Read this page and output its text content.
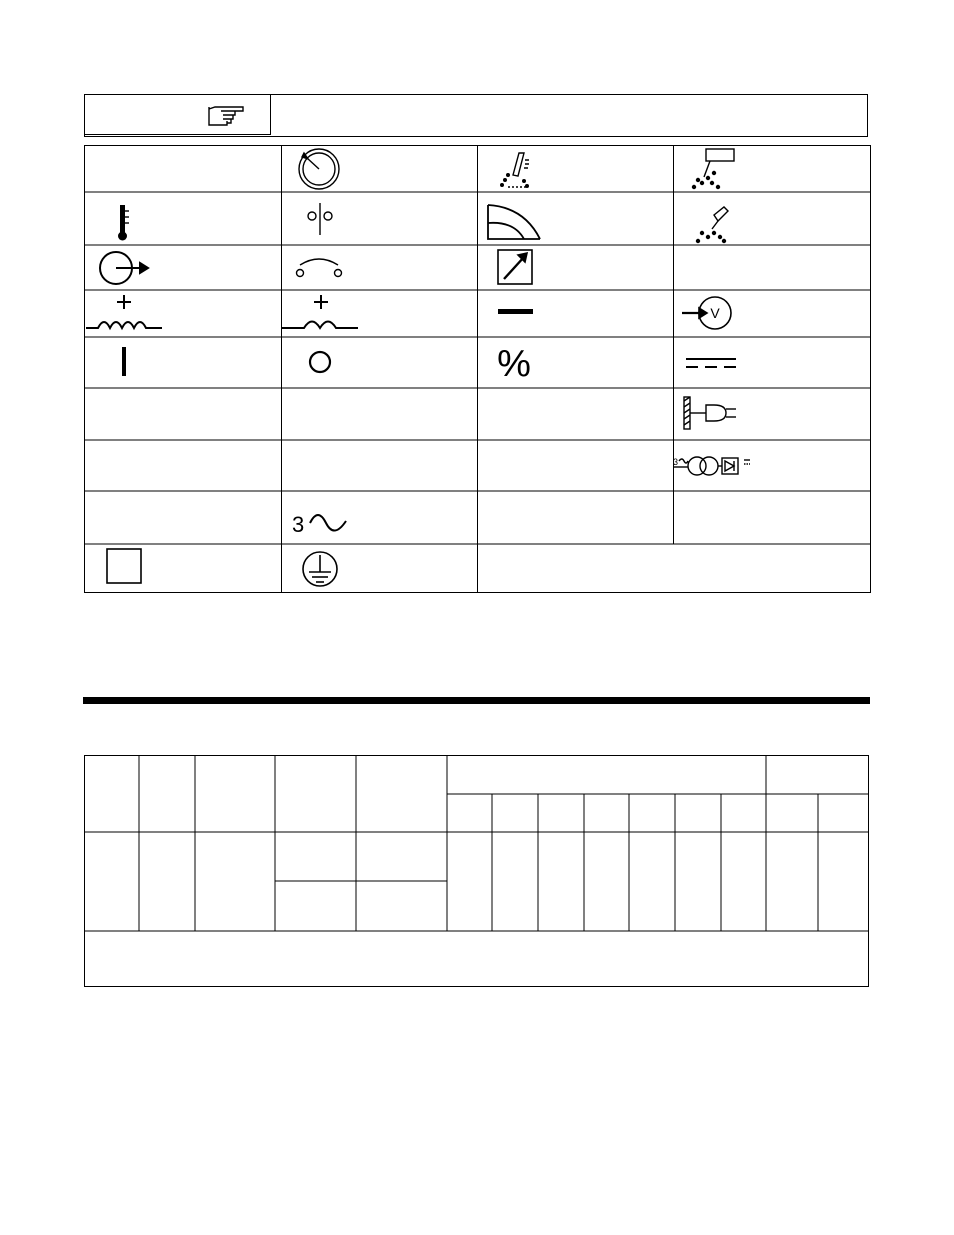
V
%
3
3
